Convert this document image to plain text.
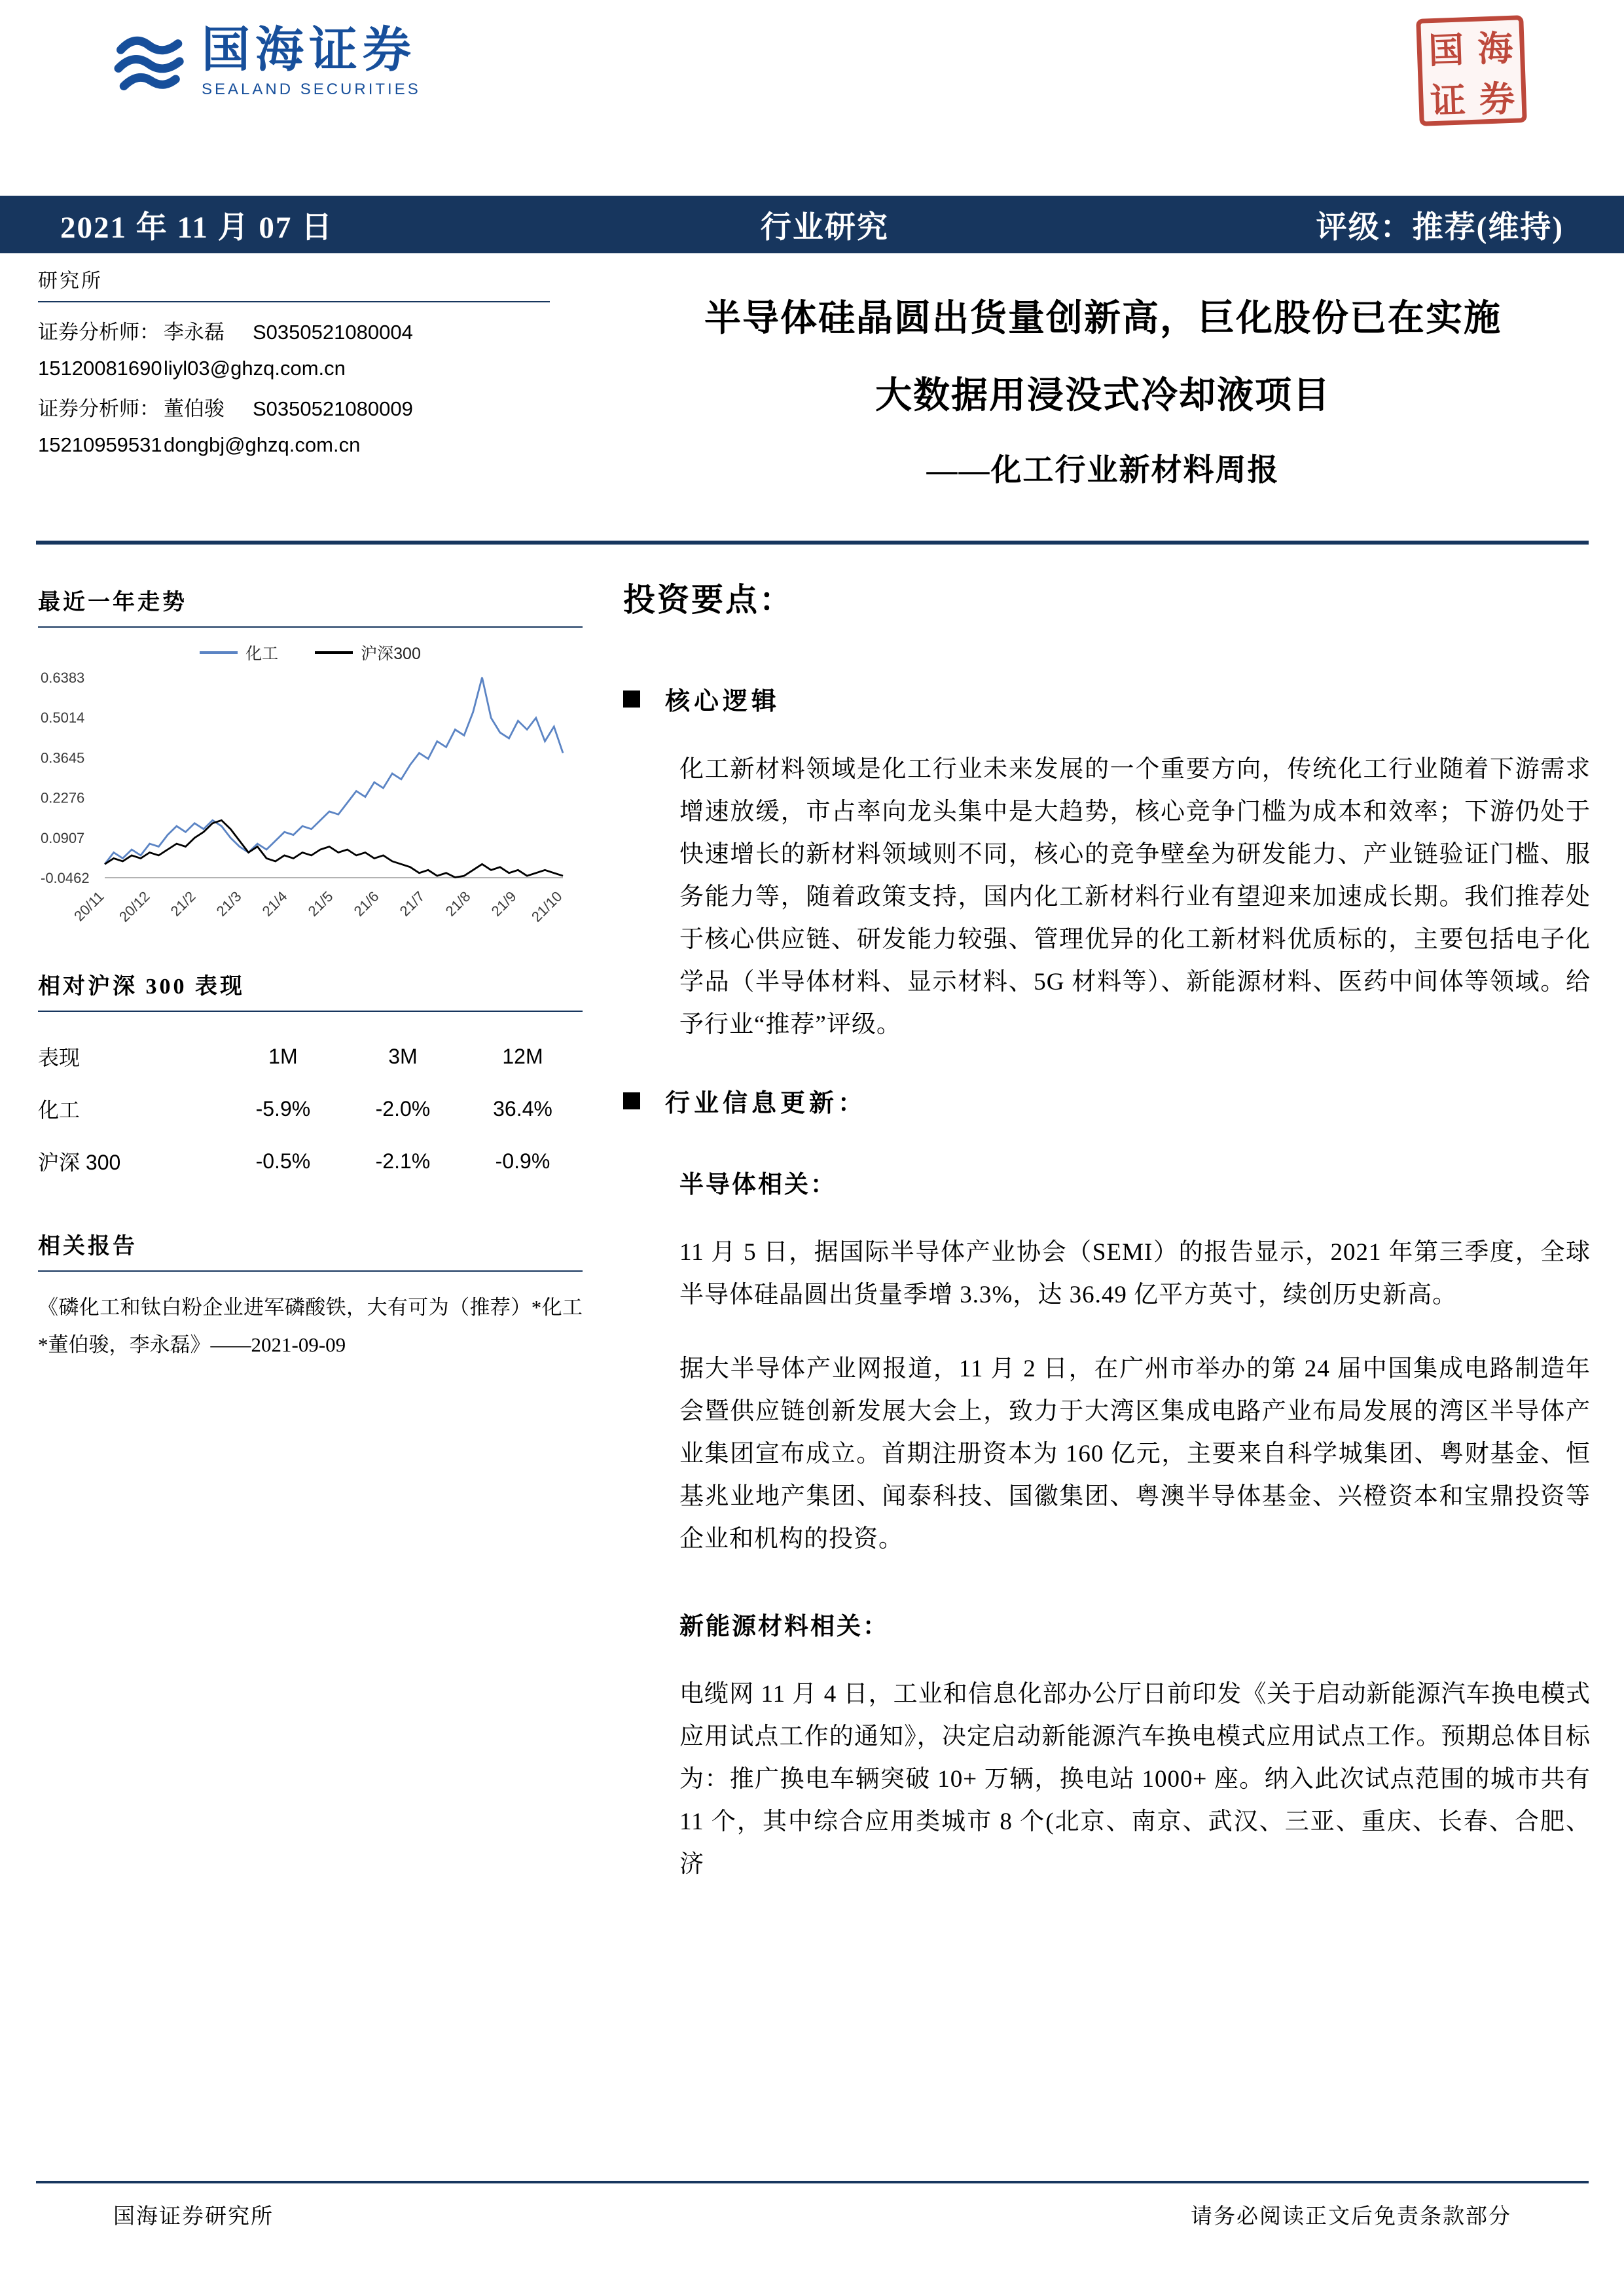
国海证券
SEALAND SECURITIES
国 海
证 券
2021 年 11 月 07 日	行业研究	评级：推荐(维持)
研究所
证券分析师： 李永磊	S0350521080004
15120081690 liyl03@ghzq.com.cn
证券分析师： 董伯骏	S0350521080009
15210959531 dongbj@ghzq.com.cn
半导体硅晶圆出货量创新高，巨化股份已在实施
大数据用浸没式冷却液项目
——化工行业新材料周报
最近一年走势
化工	沪深300
0.6383
0.5014
0.3645
0.2276
0.0907
-0.0462
20/11 20/12 21/2 21/3 21/4 21/5 21/6 21/7 21/8 21/9 21/10
相对沪深 300 表现
表现	1M	3M	12M
化工	-5.9%	-2.0%	36.4%
沪深 300	-0.5%	-2.1%	-0.9%
相关报告
《磷化工和钛白粉企业进军磷酸铁，大有可为（推荐）*化工*董伯骏，李永磊》——2021-09-09
投资要点：
核心逻辑
化工新材料领域是化工行业未来发展的一个重要方向，传统化工行业随着下游需求增速放缓，市占率向龙头集中是大趋势，核心竞争门槛为成本和效率；下游仍处于快速增长的新材料领域则不同，核心的竞争壁垒为研发能力、产业链验证门槛、服务能力等，随着政策支持，国内化工新材料行业有望迎来加速成长期。我们推荐处于核心供应链、研发能力较强、管理优异的化工新材料优质标的，主要包括电子化学品（半导体材料、显示材料、5G 材料等）、新能源材料、医药中间体等领域。给予行业“推荐”评级。
行业信息更新：
半导体相关：
11 月 5 日，据国际半导体产业协会（SEMI）的报告显示，2021 年第三季度，全球半导体硅晶圆出货量季增 3.3%，达 36.49 亿平方英寸，续创历史新高。
据大半导体产业网报道，11 月 2 日，在广州市举办的第 24 届中国集成电路制造年会暨供应链创新发展大会上，致力于大湾区集成电路产业布局发展的湾区半导体产业集团宣布成立。首期注册资本为 160 亿元，主要来自科学城集团、粤财基金、恒基兆业地产集团、闻泰科技、国徽集团、粤澳半导体基金、兴橙资本和宝鼎投资等企业和机构的投资。
新能源材料相关：
电缆网 11 月 4 日，工业和信息化部办公厅日前印发《关于启动新能源汽车换电模式应用试点工作的通知》，决定启动新能源汽车换电模式应用试点工作。预期总体目标为：推广换电车辆突破 10+ 万辆，换电站 1000+ 座。纳入此次试点范围的城市共有 11 个，其中综合应用类城市 8 个(北京、南京、武汉、三亚、重庆、长春、合肥、济
国海证券研究所	请务必阅读正文后免责条款部分
